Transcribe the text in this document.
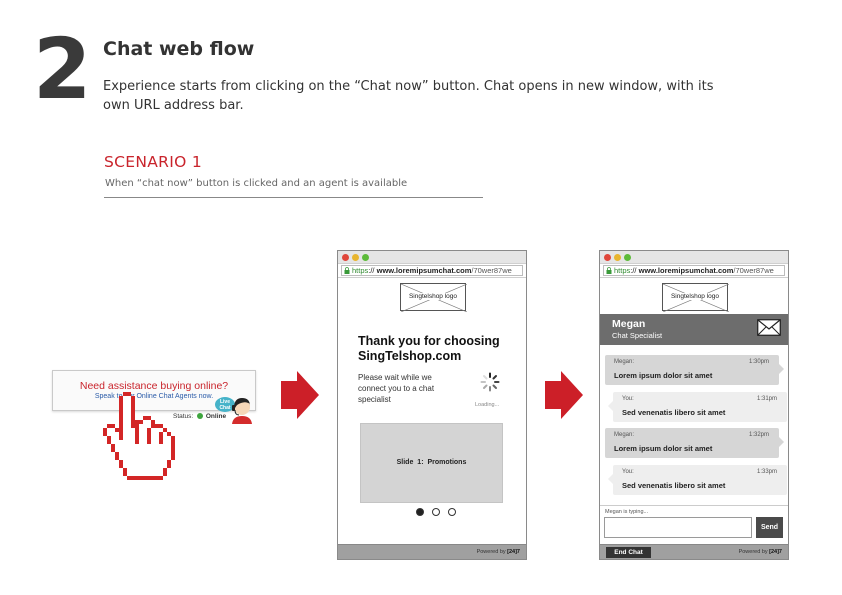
2 Chat web flow
Experience starts from clicking on the “Chat now” button. Chat opens in new window, with its own URL address bar.
SCENARIO 1
When “chat now” button is clicked and an agent is available
Need assistance buying online?
Speak to our Online Chat Agents now.
Live Chat
Status: Online
https:// www.loremipsumchat.com/70wer87we
Singtelshop logo
Thank you for choosing SingTelshop.com
Please wait while we connect you to a chat specialist
Loading...
Slide 1: Promotions
Powered by [24]7
https:// www.loremipsumchat.com/70wer87we
Singtelshop logo
Megan
Chat Specialist
Megan:	1:30pm
Lorem ipsum dolor sit amet
You:	1:31pm
Sed venenatis libero sit amet
Megan:	1:32pm
Lorem ipsum dolor sit amet
You:	1:33pm
Sed venenatis libero sit amet
Megan is typing...
Send
End Chat	Powered by [24]7
